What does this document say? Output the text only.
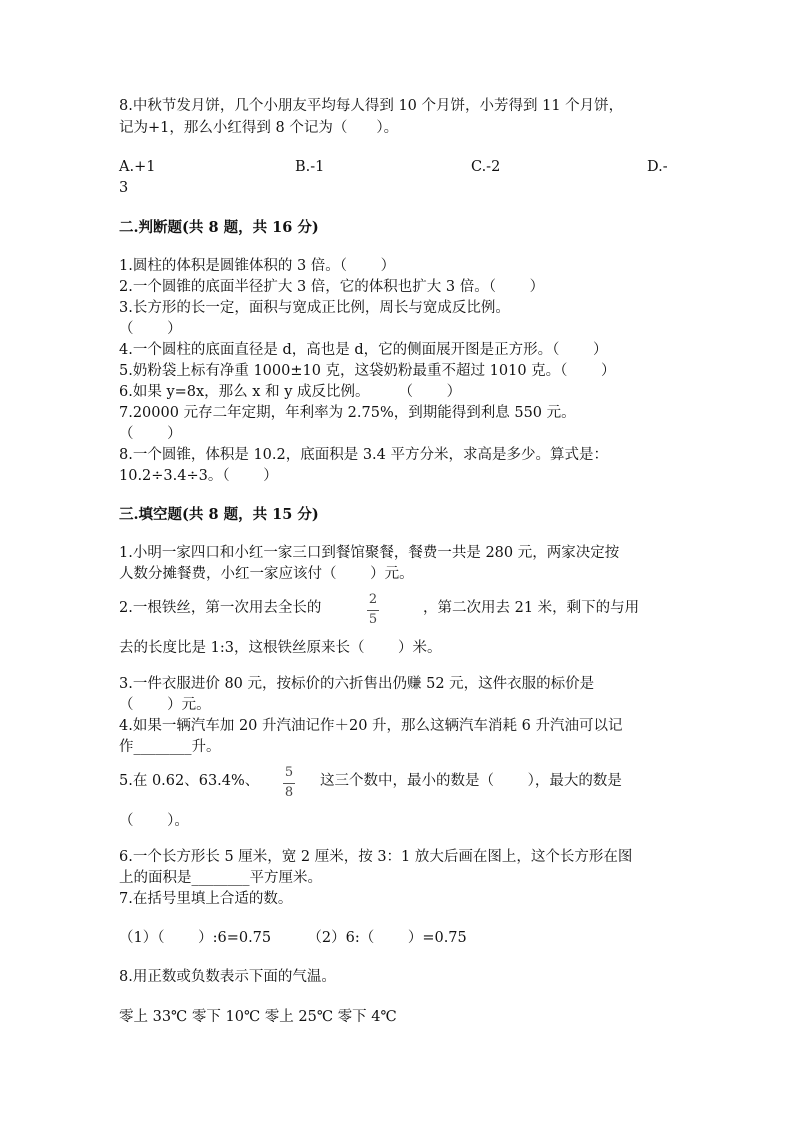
8.中秋节发月饼，几个小朋友平均每人得到 10 个月饼，小芳得到 11 个月饼，
记为+1，那么小红得到 8 个记为（　　）。
A.+1	B.-1	C.-2	D.-
3
二.判断题(共 8 题，共 16 分)
1.圆柱的体积是圆锥体积的 3 倍。（　　 ）
2.一个圆锥的底面半径扩大 3 倍，它的体积也扩大 3 倍。（　　 ）
3.长方形的长一定，面积与宽成正比例，周长与宽成反比例。
（　　 ）
4.一个圆柱的底面直径是 d，高也是 d，它的侧面展开图是正方形。（　　 ）
5.奶粉袋上标有净重 1000±10 克，这袋奶粉最重不超过 1010 克。（　　 ）
6.如果 y=8x，那么 x 和 y 成反比例。　　　（　　 ）
7.20000 元存二年定期，年利率为 2.75%，到期能得到利息 550 元。
（　　 ）
8.一个圆锥，体积是 10.2，底面积是 3.4 平方分米，求高是多少。算式是：
10.2÷3.4÷3。（　　 ）
三.填空题(共 8 题，共 15 分)
1.小明一家四口和小红一家三口到餐馆聚餐，餐费一共是 280 元，两家决定按
人数分摊餐费，小红一家应该付（　　 ）元。
2.一根铁丝，第一次用去全长的
2
5
，第二次用去 21 米，剩下的与用
去的长度比是 1:3，这根铁丝原来长（　　 ）米。
3.一件衣服进价 80 元，按标价的六折售出仍赚 52 元，这件衣服的标价是
（　　 ）元。
4.如果一辆汽车加 20 升汽油记作＋20 升，那么这辆汽车消耗 6 升汽油可以记
作________升。
5.在 0.62、63.4%、
5
8
这三个数中，最小的数是（　　 ），最大的数是
（　　 ）。
6.一个长方形长 5 厘米，宽 2 厘米，按 3：1 放大后画在图上，这个长方形在图
上的面积是________平方厘米。
7.在括号里填上合适的数。
（1）（　　 ）:6=0.75　　　（2）6:（　　 ）=0.75
8.用正数或负数表示下面的气温。
零上 33℃ 零下 10℃ 零上 25℃ 零下 4℃
